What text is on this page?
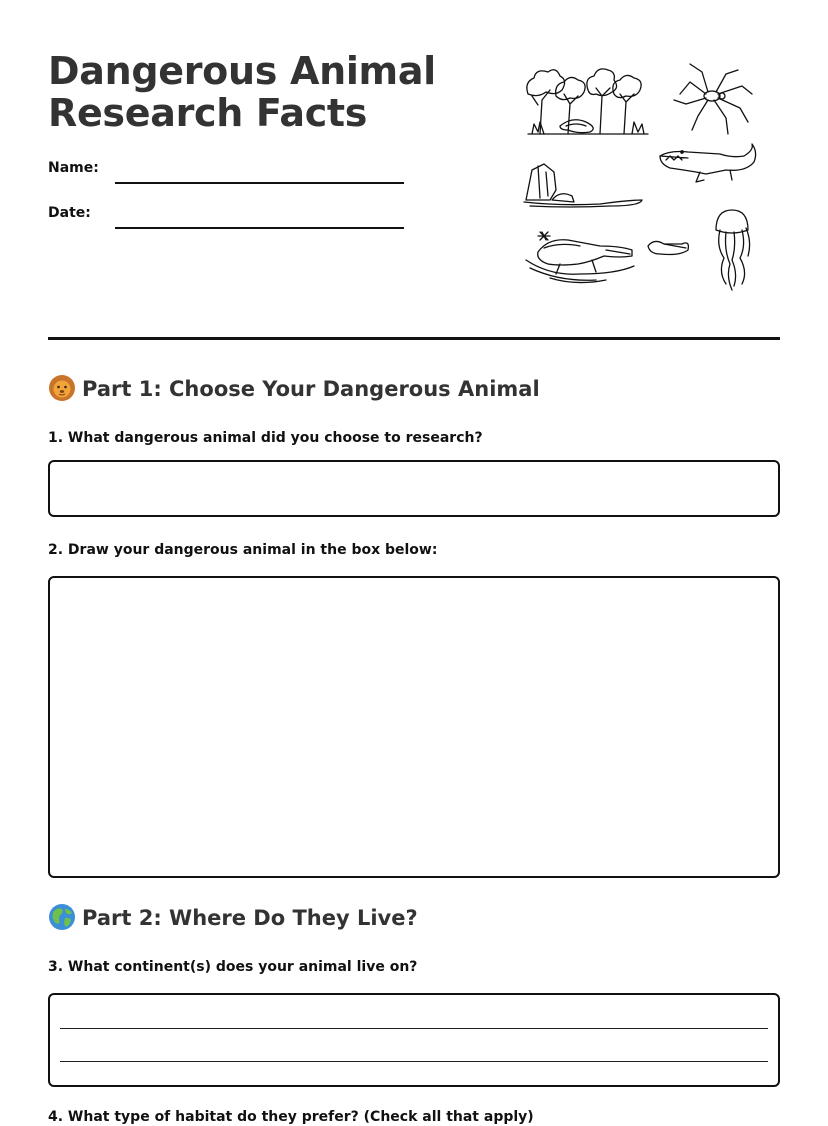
Dangerous Animal
Research Facts
Name:
Date:
Part 1: Choose Your Dangerous Animal

1. What dangerous animal did you choose to research?

2. Draw your dangerous animal in the box below:

Part 2: Where Do They Live?

3. What continent(s) does your animal live on?

4. What type of habitat do they prefer? (Check all that apply)
